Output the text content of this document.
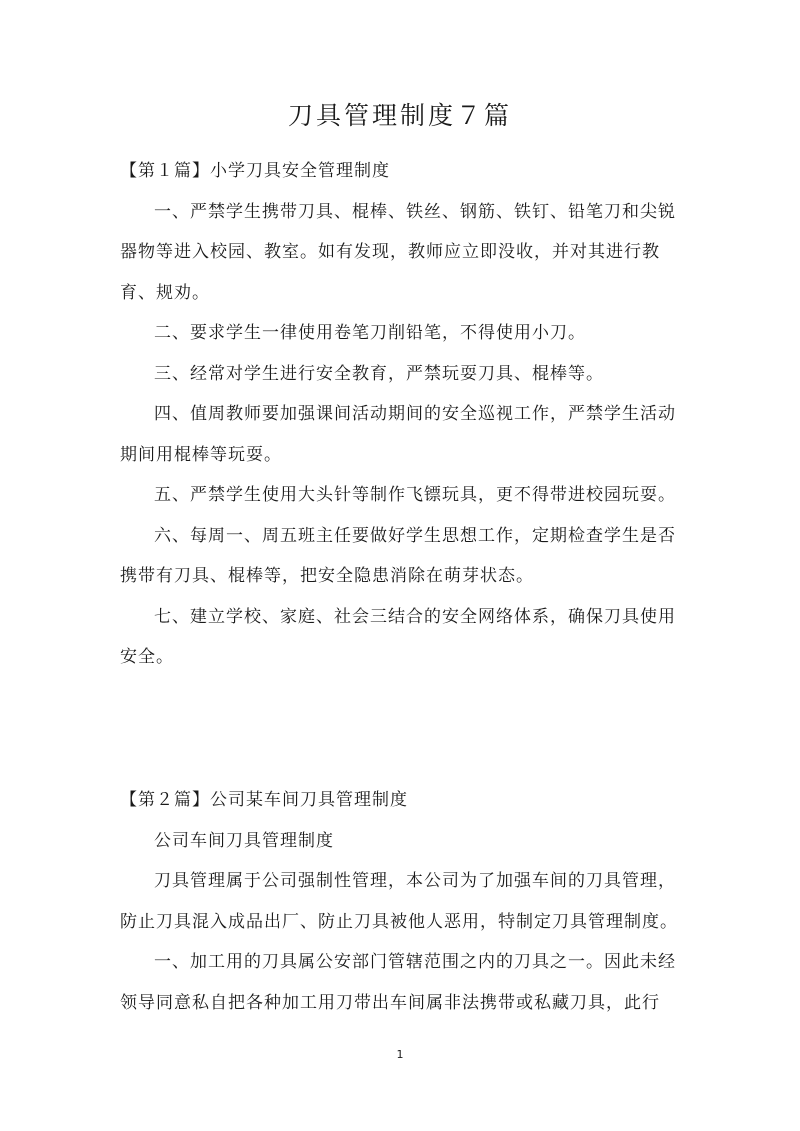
刀具管理制度７篇

【第１篇】小学刀具安全管理制度

一、严禁学生携带刀具、棍棒、铁丝、钢筋、铁钉、铅笔刀和尖锐器物等进入校园、教室。如有发现，教师应立即没收，并对其进行教育、规劝。

二、要求学生一律使用卷笔刀削铅笔，不得使用小刀。

三、经常对学生进行安全教育，严禁玩耍刀具、棍棒等。

四、值周教师要加强课间活动期间的安全巡视工作，严禁学生活动期间用棍棒等玩耍。

五、严禁学生使用大头针等制作飞镖玩具，更不得带进校园玩耍。

六、每周一、周五班主任要做好学生思想工作，定期检查学生是否携带有刀具、棍棒等，把安全隐患消除在萌芽状态。

七、建立学校、家庭、社会三结合的安全网络体系，确保刀具使用安全。

【第２篇】公司某车间刀具管理制度

公司车间刀具管理制度

刀具管理属于公司强制性管理，本公司为了加强车间的刀具管理，防止刀具混入成品出厂、防止刀具被他人恶用，特制定刀具管理制度。

一、加工用的刀具属公安部门管辖范围之内的刀具之一。因此未经领导同意私自把各种加工用刀带出车间属非法携带或私藏刀具，此行

1
